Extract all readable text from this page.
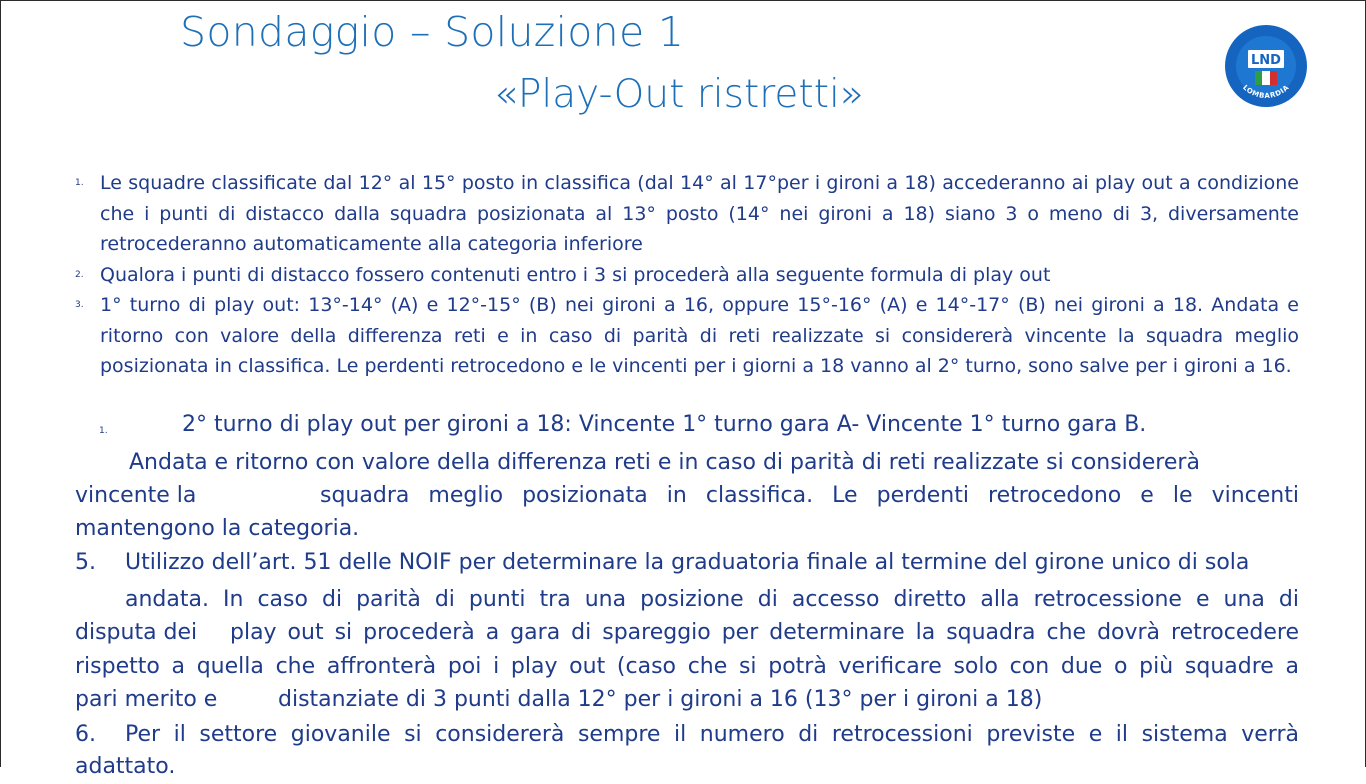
Sondaggio – Soluzione 1
«Play-Out ristretti»
LND
LOMBARDIA
1. Le squadre classificate dal 12° al 15° posto in classifica (dal 14° al 17°per i gironi a 18) accederanno ai play out a condizione che i punti di distacco dalla squadra posizionata al 13° posto (14° nei gironi a 18) siano 3 o meno di 3, diversamente retrocederanno automaticamente alla categoria inferiore
2. Qualora i punti di distacco fossero contenuti entro i 3 si procederà alla seguente formula di play out
3. 1° turno di play out: 13°-14° (A) e 12°-15° (B) nei gironi a 16, oppure 15°-16° (A) e 14°-17° (B) nei gironi a 18. Andata e ritorno con valore della differenza reti e in caso di parità di reti realizzate si considererà vincente la squadra meglio posizionata in classifica. Le perdenti retrocedono e le vincenti per i giorni a 18 vanno al 2° turno, sono salve per i gironi a 16.
1.	2° turno di play out per gironi a 18: Vincente 1° turno gara A- Vincente 1° turno gara B.
Andata e ritorno con valore della differenza reti e in caso di parità di reti realizzate si considererà
vincente la	squadra meglio posizionata in classifica. Le perdenti retrocedono e le vincenti
mantengono la categoria.
5. Utilizzo dell’art. 51 delle NOIF per determinare la graduatoria finale al termine del girone unico di sola
andata. In caso di parità di punti tra una posizione di accesso diretto alla retrocessione e una di
disputa dei	play out si procederà a gara di spareggio per determinare la squadra che dovrà retrocedere
rispetto a quella che affronterà poi i play out (caso che si potrà verificare solo con due o più squadre a
pari merito e	distanziate di 3 punti dalla 12° per i gironi a 16 (13° per i gironi a 18)
6.	Per il settore giovanile si considererà sempre il numero di retrocessioni previste e il sistema verrà
adattato.
